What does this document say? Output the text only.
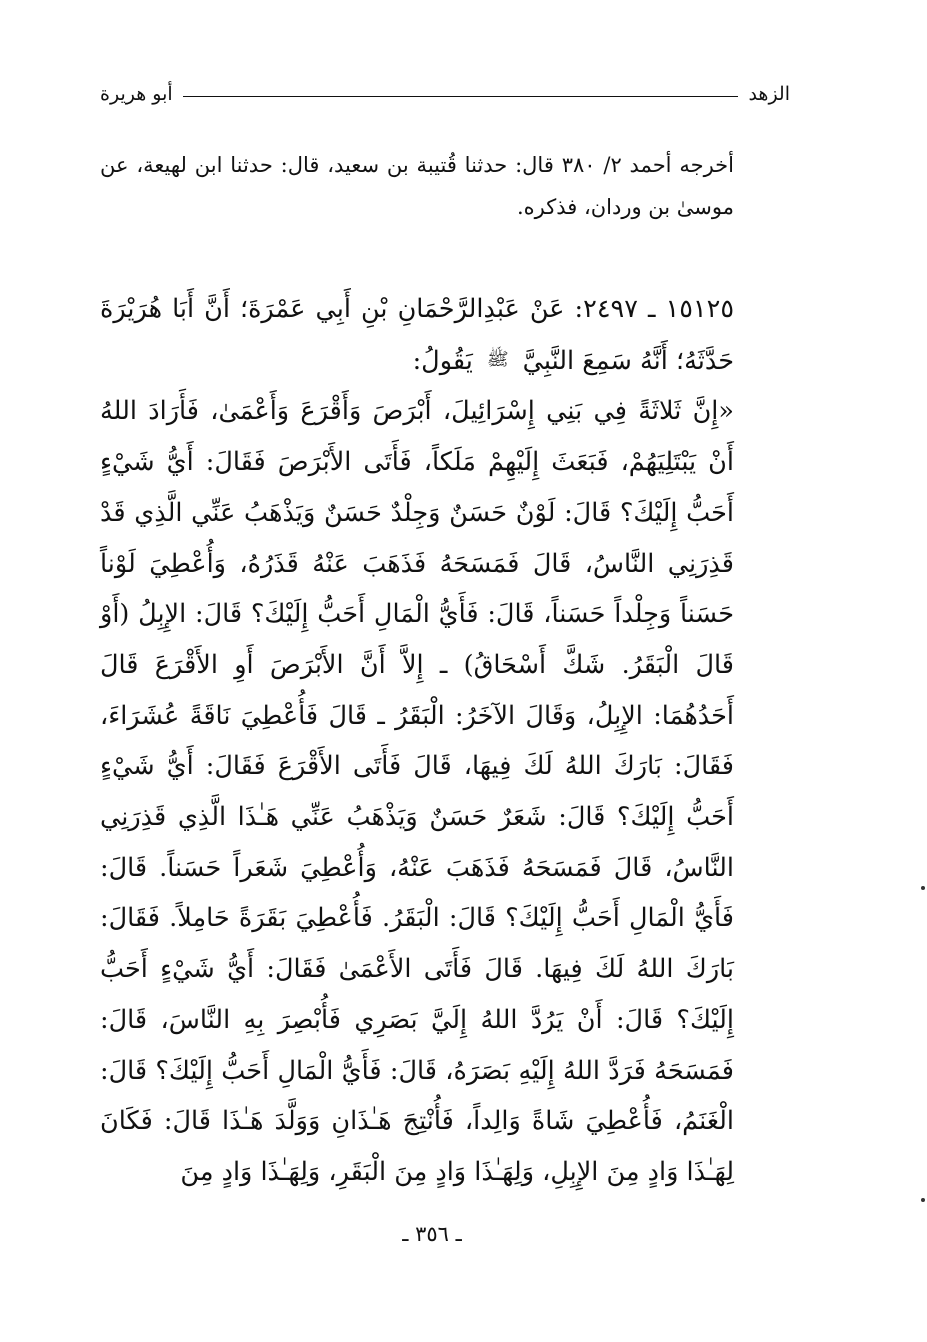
الزهد
أبو هريرة

أخرجه أحمد ٢/ ٣٨٠ قال: حدثنا قُتيبة بن سعيد، قال: حدثنا ابن لهيعة، عن موسىٰ بن وردان، فذكره.

١٥١٢٥ ـ ٢٤٩٧: عَنْ عَبْدِالرَّحْمَانِ بْنِ أَبِي عَمْرَةَ؛ أَنَّ أَبَا هُرَيْرَةَ حَدَّثَهُ؛ أَنَّهُ سَمِعَ النَّبِيَّﷺيَقُولُ:

«إِنَّ ثَلاثَةً فِي بَنِي إِسْرَائِيلَ، أَبْرَصَ وَأَقْرَعَ وَأَعْمَىٰ، فَأَرَادَ اللهُ أَنْ يَبْتَلِيَهُمْ، فَبَعَثَ إِلَيْهِمْ مَلَكاً، فَأَتَى الأَبْرَصَ فَقَالَ: أَيُّ شَيْءٍ أَحَبُّ إِلَيْكَ؟ قَالَ: لَوْنٌ حَسَنٌ وَجِلْدٌ حَسَنٌ وَيَذْهَبُ عَنِّي الَّذِي قَدْ قَذِرَنِي النَّاسُ، قَالَ فَمَسَحَهُ فَذَهَبَ عَنْهُ قَذَرُهُ، وَأُعْطِيَ لَوْناً حَسَناً وَجِلْداً حَسَناً، قَالَ: فَأَيُّ الْمَالِ أَحَبُّ إِلَيْكَ؟ قَالَ: الإِبِلُ (أَوْ قَالَ الْبَقَرُ. شَكَّ أَسْحَاقُ) ـ إِلاَّ أَنَّ الأَبْرَصَ أَوِ الأَقْرَعَ قَالَ أَحَدُهُمَا: الإِبِلُ، وَقَالَ الآخَرُ: الْبَقَرُ ـ قَالَ فَأُعْطِيَ نَاقَةً عُشَرَاءَ، فَقَالَ: بَارَكَ اللهُ لَكَ فِيهَا، قَالَ فَأَتَى الأَقْرَعَ فَقَالَ: أَيُّ شَيْءٍ أَحَبُّ إِلَيْكَ؟ قَالَ: شَعَرٌ حَسَنٌ وَيَذْهَبُ عَنِّي هَـٰذَا الَّذِي قَذِرَنِي النَّاسُ، قَالَ فَمَسَحَهُ فَذَهَبَ عَنْهُ، وَأُعْطِيَ شَعَراً حَسَناً. قَالَ: فَأَيُّ الْمَالِ أَحَبُّ إِلَيْكَ؟ قَالَ: الْبَقَرُ. فَأُعْطِيَ بَقَرَةً حَامِلاً. فَقَالَ: بَارَكَ اللهُ لَكَ فِيهَا. قَالَ فَأَتَى الأَعْمَىٰ فَقَالَ: أَيُّ شَيْءٍ أَحَبُّ إِلَيْكَ؟ قَالَ: أَنْ يَرُدَّ اللهُ إِلَيَّ بَصَرِي فَأُبْصِرَ بِهِ النَّاسَ، قَالَ: فَمَسَحَهُ فَرَدَّ اللهُ إِلَيْهِ بَصَرَهُ، قَالَ: فَأَيُّ الْمَالِ أَحَبُّ إِلَيْكَ؟ قَالَ: الْغَنَمُ، فَأُعْطِيَ شَاةً وَالِداً، فَأُنْتِجَ هَـٰذَانِ وَوَلَّدَ هَـٰذَا قَالَ: فَكَانَ لِهَـٰذَا وَادٍ مِنَ الإِبِلِ، وَلِهَـٰذَا وَادٍ مِنَ الْبَقَرِ، وَلِهَـٰذَا وَادٍ مِنَ

ـ ٣٥٦ ـ
